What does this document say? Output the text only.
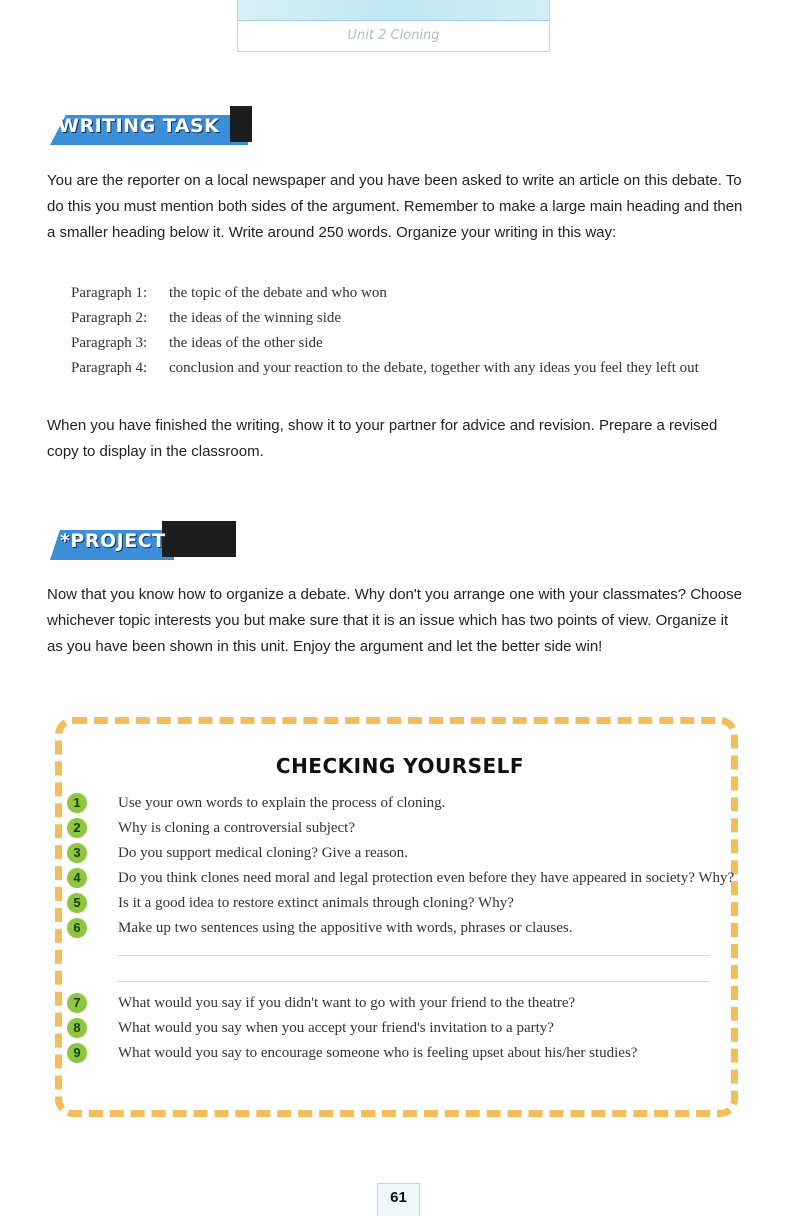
Unit 2 Cloning
WRITING TASK

You are the reporter on a local newspaper and you have been asked to write an article on this debate. To do this you must mention both sides of the argument. Remember to make a large main heading and then a smaller heading below it. Write around 250 words. Organize your writing in this way:

Paragraph 1:	the topic of the debate and who won
Paragraph 2:	the ideas of the winning side
Paragraph 3:	the ideas of the other side
Paragraph 4:	conclusion and your reaction to the debate, together with any ideas you feel they left out

When you have finished the writing, show it to your partner for advice and revision. Prepare a revised copy to display in the classroom.

*PROJECT

Now that you know how to organize a debate. Why don't you arrange one with your classmates? Choose whichever topic interests you but make sure that it is an issue which has two points of view. Organize it as you have been shown in this unit. Enjoy the argument and let the better side win!

CHECKING YOURSELF
1	Use your own words to explain the process of cloning.
2	Why is cloning a controversial subject?
3	Do you support medical cloning? Give a reason.
4	Do you think clones need moral and legal protection even before they have appeared in society? Why?
5	Is it a good idea to restore extinct animals through cloning? Why?
6	Make up two sentences using the appositive with words, phrases or clauses.
7	What would you say if you didn't want to go with your friend to the theatre?
8	What would you say when you accept your friend's invitation to a party?
9	What would you say to encourage someone who is feeling upset about his/her studies?
61
